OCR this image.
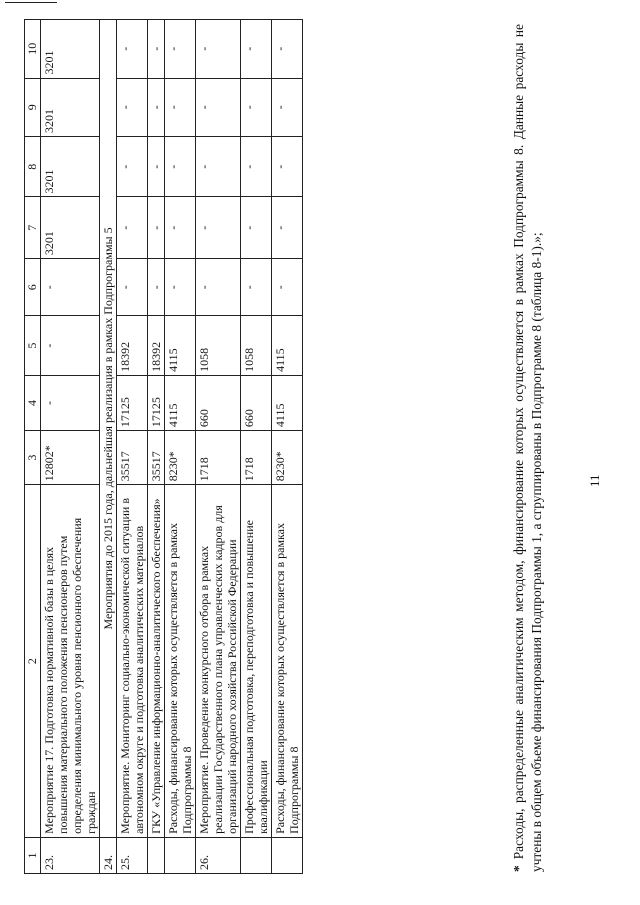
11
1	2	3	4	5	6	7	8	9	10
23.	Мероприятие 17. Подготовка нормативной базы в целях повышения материального положения пенсионеров путем определения минимального уровня пенсионного обеспечения граждан	12802*	-	-	-	3201	3201	3201	3201
24.	Мероприятия до 2015 года, дальнейшая реализация в рамках Подпрограммы 5								
25.	Мероприятие. Мониторинг социально-экономической ситуации в автономном округе и подготовка аналитических материалов	35517	17125	18392	-	-	-	-	-
	ГКУ «Управление информационно-аналитического обеспечения»	35517	17125	18392	-	-	-	-	-
	Расходы, финансирование которых осуществляется в рамках Подпрограммы 8	8230*	4115	4115	-	-	-	-	-
26.	Мероприятие. Проведение конкурсного отбора в рамках реализации Государственного плана управленческих кадров для организаций народного хозяйства Российской Федерации	1718	660	1058	-	-	-	-	-
	Профессиональная подготовка, переподготовка и повышение квалификации	1718	660	1058	-	-	-	-	-
	Расходы, финансирование которых осуществляется в рамках Подпрограммы 8	8230*	4115	4115	-	-	-	-	-
*Расходы, распределенные аналитическим методом, финансирование которых осуществляется в рамках Подпрограммы 8. Данные расходы не учтены в общем объеме финансирования Подпрограммы 1, а сгруппированы в Подпрограмме 8 (таблица 8-1).»;
